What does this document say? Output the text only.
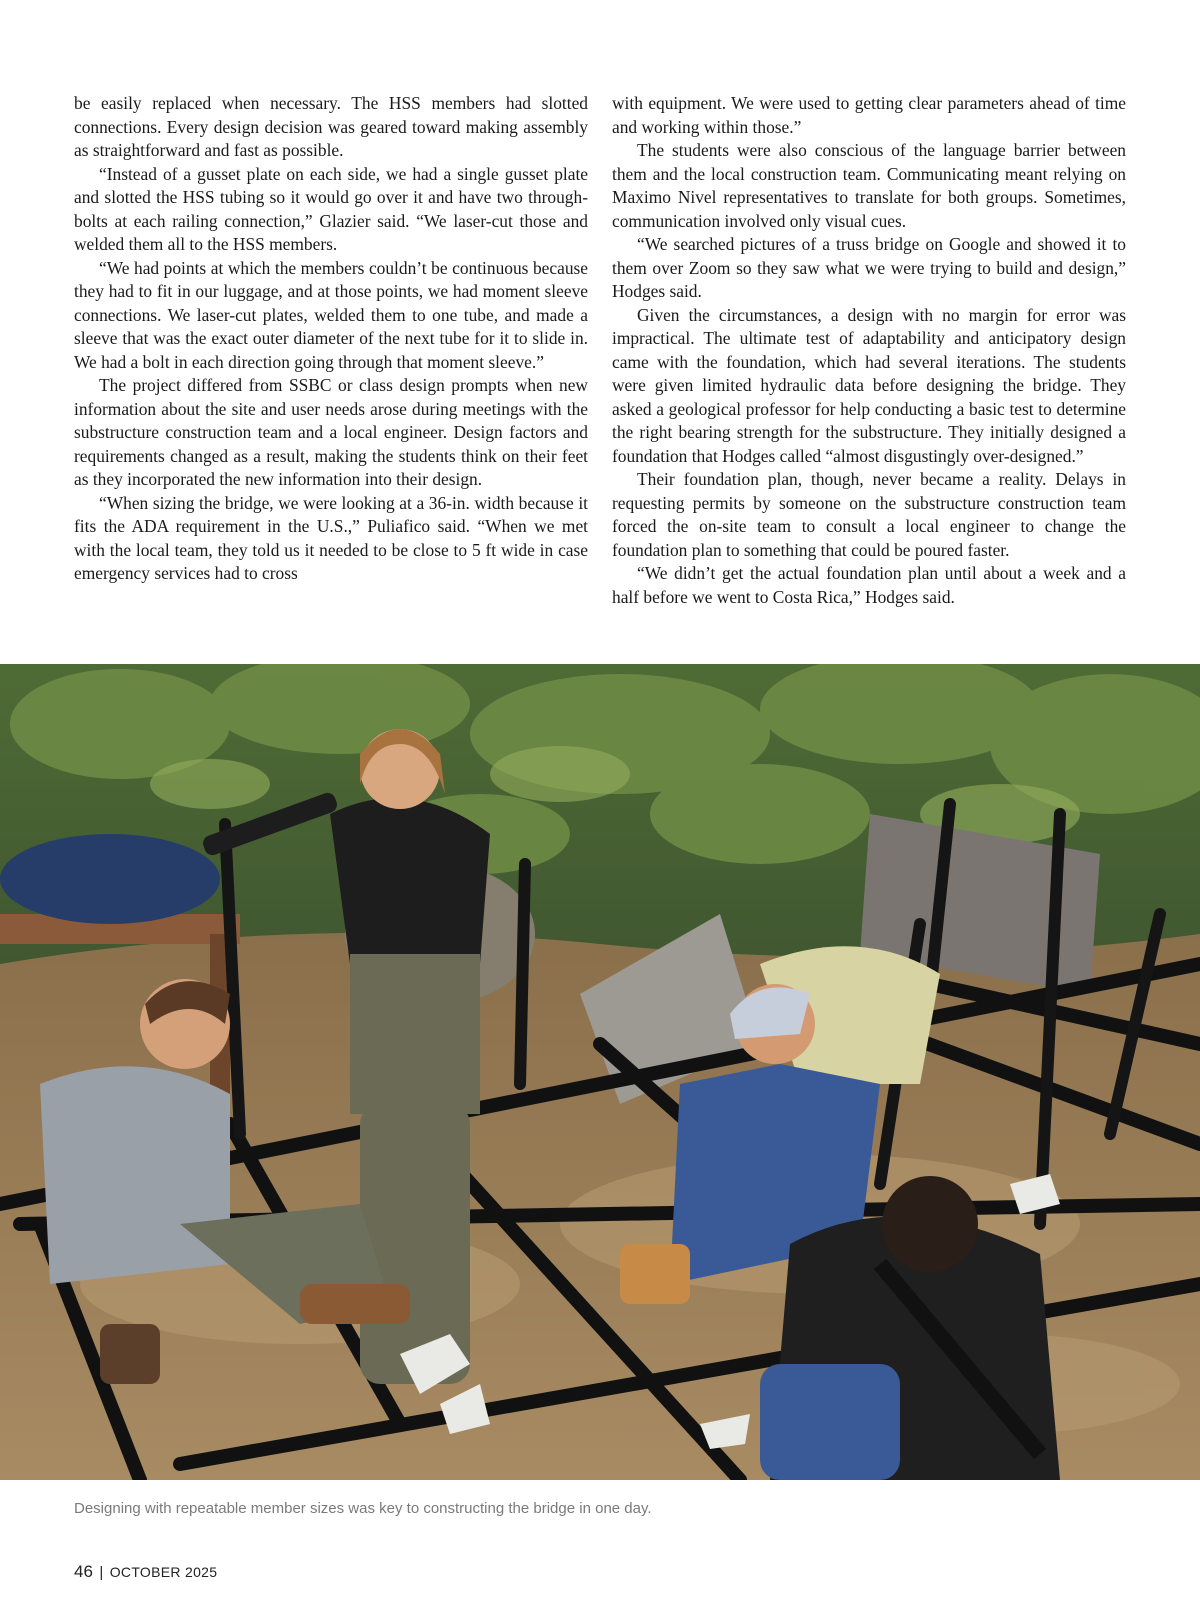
be easily replaced when necessary. The HSS members had slotted connections. Every design decision was geared toward making assembly as straightforward and fast as possible.

“Instead of a gusset plate on each side, we had a single gusset plate and slotted the HSS tubing so it would go over it and have two through-bolts at each railing connection,” Glazier said. “We laser-cut those and welded them all to the HSS members.

“We had points at which the members couldn’t be continuous because they had to fit in our luggage, and at those points, we had moment sleeve connections. We laser-cut plates, welded them to one tube, and made a sleeve that was the exact outer diameter of the next tube for it to slide in. We had a bolt in each direction going through that moment sleeve.”

The project differed from SSBC or class design prompts when new information about the site and user needs arose during meetings with the substructure construction team and a local engineer. Design factors and requirements changed as a result, making the students think on their feet as they incorporated the new information into their design.

“When sizing the bridge, we were looking at a 36-in. width because it fits the ADA requirement in the U.S.,” Puliafico said. “When we met with the local team, they told us it needed to be close to 5 ft wide in case emergency services had to cross

with equipment. We were used to getting clear parameters ahead of time and working within those.”

The students were also conscious of the language barrier between them and the local construction team. Communicating meant relying on Maximo Nivel representatives to translate for both groups. Sometimes, communication involved only visual cues.

“We searched pictures of a truss bridge on Google and showed it to them over Zoom so they saw what we were trying to build and design,” Hodges said.

Given the circumstances, a design with no margin for error was impractical. The ultimate test of adaptability and anticipatory design came with the foundation, which had several iterations. The students were given limited hydraulic data before designing the bridge. They asked a geological professor for help conducting a basic test to determine the right bearing strength for the substructure. They initially designed a foundation that Hodges called “almost disgustingly over-designed.”

Their foundation plan, though, never became a reality. Delays in requesting permits by someone on the substructure construction team forced the on-site team to consult a local engineer to change the foundation plan to something that could be poured faster.

“We didn’t get the actual foundation plan until about a week and a half before we went to Costa Rica,” Hodges said.

Designing with repeatable member sizes was key to constructing the bridge in one day.
46 | OCTOBER 2025
